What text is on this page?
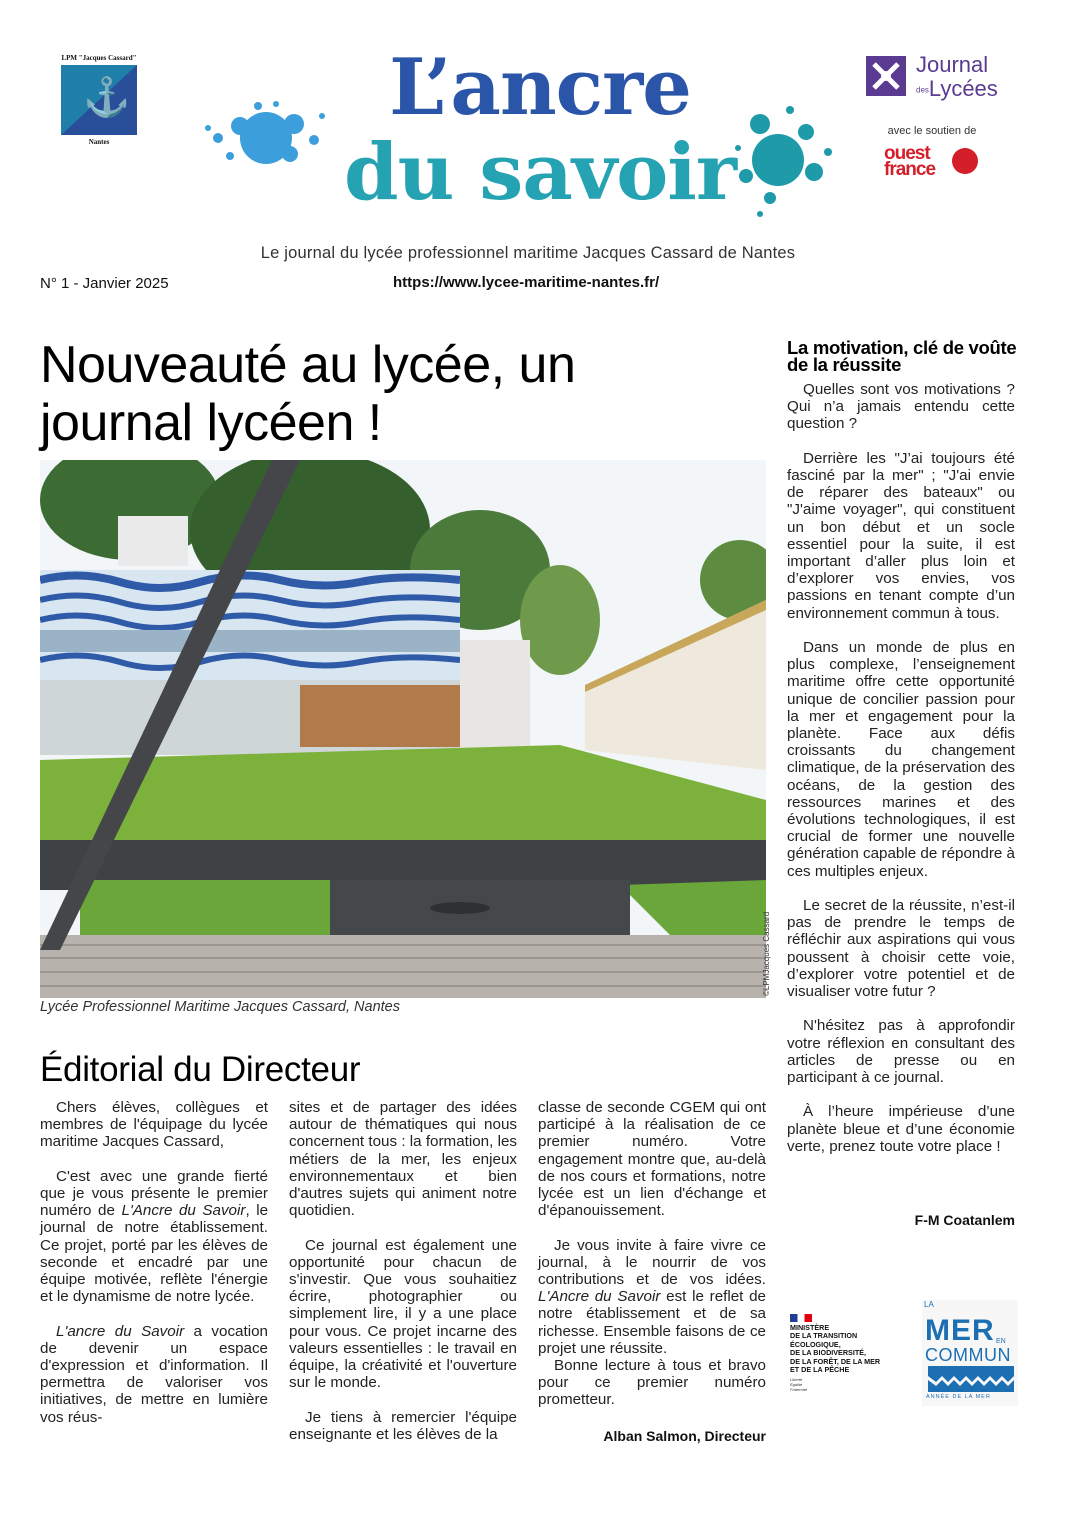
LPM "Jacques Cassard"
⚓
Nantes
L’ancre
du savoir
Journal
desLycées
avec le soutien de
ouest
france
Le journal du lycée professionnel maritime Jacques Cassard de Nantes
N° 1 - Janvier 2025	https://www.lycee-maritime-nantes.fr/
Nouveauté au lycée, un journal lycéen !
©LPMJacques Cassard
Lycée Professionnel Maritime Jacques Cassard, Nantes
Éditorial du Directeur

Chers élèves, collègues et membres de l'équipage du lycée maritime Jacques Cassard,

C'est avec une grande fierté que je vous présente le premier numéro de L'Ancre du Savoir, le journal de notre établissement. Ce projet, porté par les élèves de seconde et encadré par une équipe motivée, reflète l'énergie et le dynamisme de notre lycée.

L'ancre du Savoir a vocation de devenir un espace d'expression et d'information. Il permettra de valoriser vos initiatives, de mettre en lumière vos réus-

sites et de partager des idées autour de thématiques qui nous concernent tous : la formation, les métiers de la mer, les enjeux environnementaux et bien d'autres sujets qui animent notre quotidien.

Ce journal est également une opportunité pour chacun de s'investir. Que vous souhaitiez écrire, photographier ou simplement lire, il y a une place pour vous. Ce projet incarne des valeurs essentielles : le travail en équipe, la créativité et l'ouverture sur le monde.

Je tiens à remercier l'équipe enseignante et les élèves de la

classe de seconde CGEM qui ont participé à la réalisation de ce premier numéro. Votre engagement montre que, au-delà de nos cours et formations, notre lycée est un lien d'échange et d'épanouissement.

Je vous invite à faire vivre ce journal, à le nourrir de vos contributions et de vos idées. L'Ancre du Savoir est le reflet de notre établissement et de sa richesse. Ensemble faisons de ce projet une réussite.

Bonne lecture à tous et bravo pour ce premier numéro prometteur.

Alban Salmon, Directeur
La motivation, clé de voûte de la réussite

Quelles sont vos motivations ? Qui n’a jamais entendu cette question ?

Derrière les "J’ai toujours été fasciné par la mer" ; "J'ai envie de réparer des bateaux" ou "J'aime voyager", qui constituent un bon début et un socle essentiel pour la suite, il est important d’aller plus loin et d’explorer vos envies, vos passions en tenant compte d’un environnement commun à tous.

Dans un monde de plus en plus complexe, l’enseignement maritime offre cette opportunité unique de concilier passion pour la mer et engagement pour la planète. Face aux défis croissants du changement climatique, de la préservation des océans, de la gestion des ressources marines et des évolutions technologiques, il est crucial de former une nouvelle génération capable de répondre à ces multiples enjeux.

Le secret de la réussite, n’est-il pas de prendre le temps de réfléchir aux aspirations qui vous poussent à choisir cette voie, d’explorer votre potentiel et de visualiser votre futur ?

N'hésitez pas à approfondir votre réflexion en consultant des articles de presse ou en participant à ce journal.

À l’heure impérieuse d’une planète bleue et d’une économie verte, prenez toute votre place !

F-M Coatanlem
MINISTÈRE
DE LA TRANSITION
ÉCOLOGIQUE,
DE LA BIODIVERSITÉ,
DE LA FORÊT, DE LA MER
ET DE LA PÊCHE
Liberté
Égalité
Fraternité
LA
MER EN
COMMUN
ANNÉE DE LA MER
